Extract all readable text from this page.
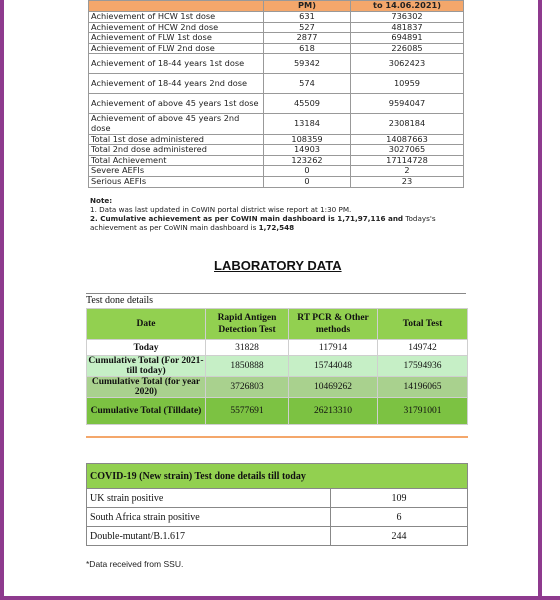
	PM)	to 14.06.2021)
Achievement of HCW 1st dose	631	736302
Achievement of HCW 2nd dose	527	481837
Achievement of FLW 1st dose	2877	694891
Achievement of FLW 2nd dose	618	226085
Achievement of 18-44 years 1st dose	59342	3062423
Achievement of 18-44 years 2nd dose	574	10959
Achievement of above 45 years 1st dose	45509	9594047
Achievement of above 45 years 2nd dose	13184	2308184
Total 1st dose administered	108359	14087663
Total 2nd dose administered	14903	3027065
Total Achievement	123262	17114728
Severe AEFIs	0	2
Serious AEFIs	0	23
Note:
1. Data was last updated in CoWIN portal district wise report at 1:30 PM.
2. Cumulative achievement as per CoWIN main dashboard is 1,71,97,116 and Todays's achievement as per CoWIN main dashboard is 1,72,548
LABORATORY DATA
Test done details
Date	Rapid Antigen Detection Test	RT PCR & Other methods	Total Test
Today	31828	117914	149742
Cumulative Total (For 2021- till today)	1850888	15744048	17594936
Cumulative Total (for year 2020)	3726803	10469262	14196065
Cumulative Total (Tilldate)	5577691	26213310	31791001
COVID-19 (New strain) Test done details till today	
UK strain positive	109
South Africa strain positive	6
Double-mutant/B.1.617	244
*Data received from SSU.
